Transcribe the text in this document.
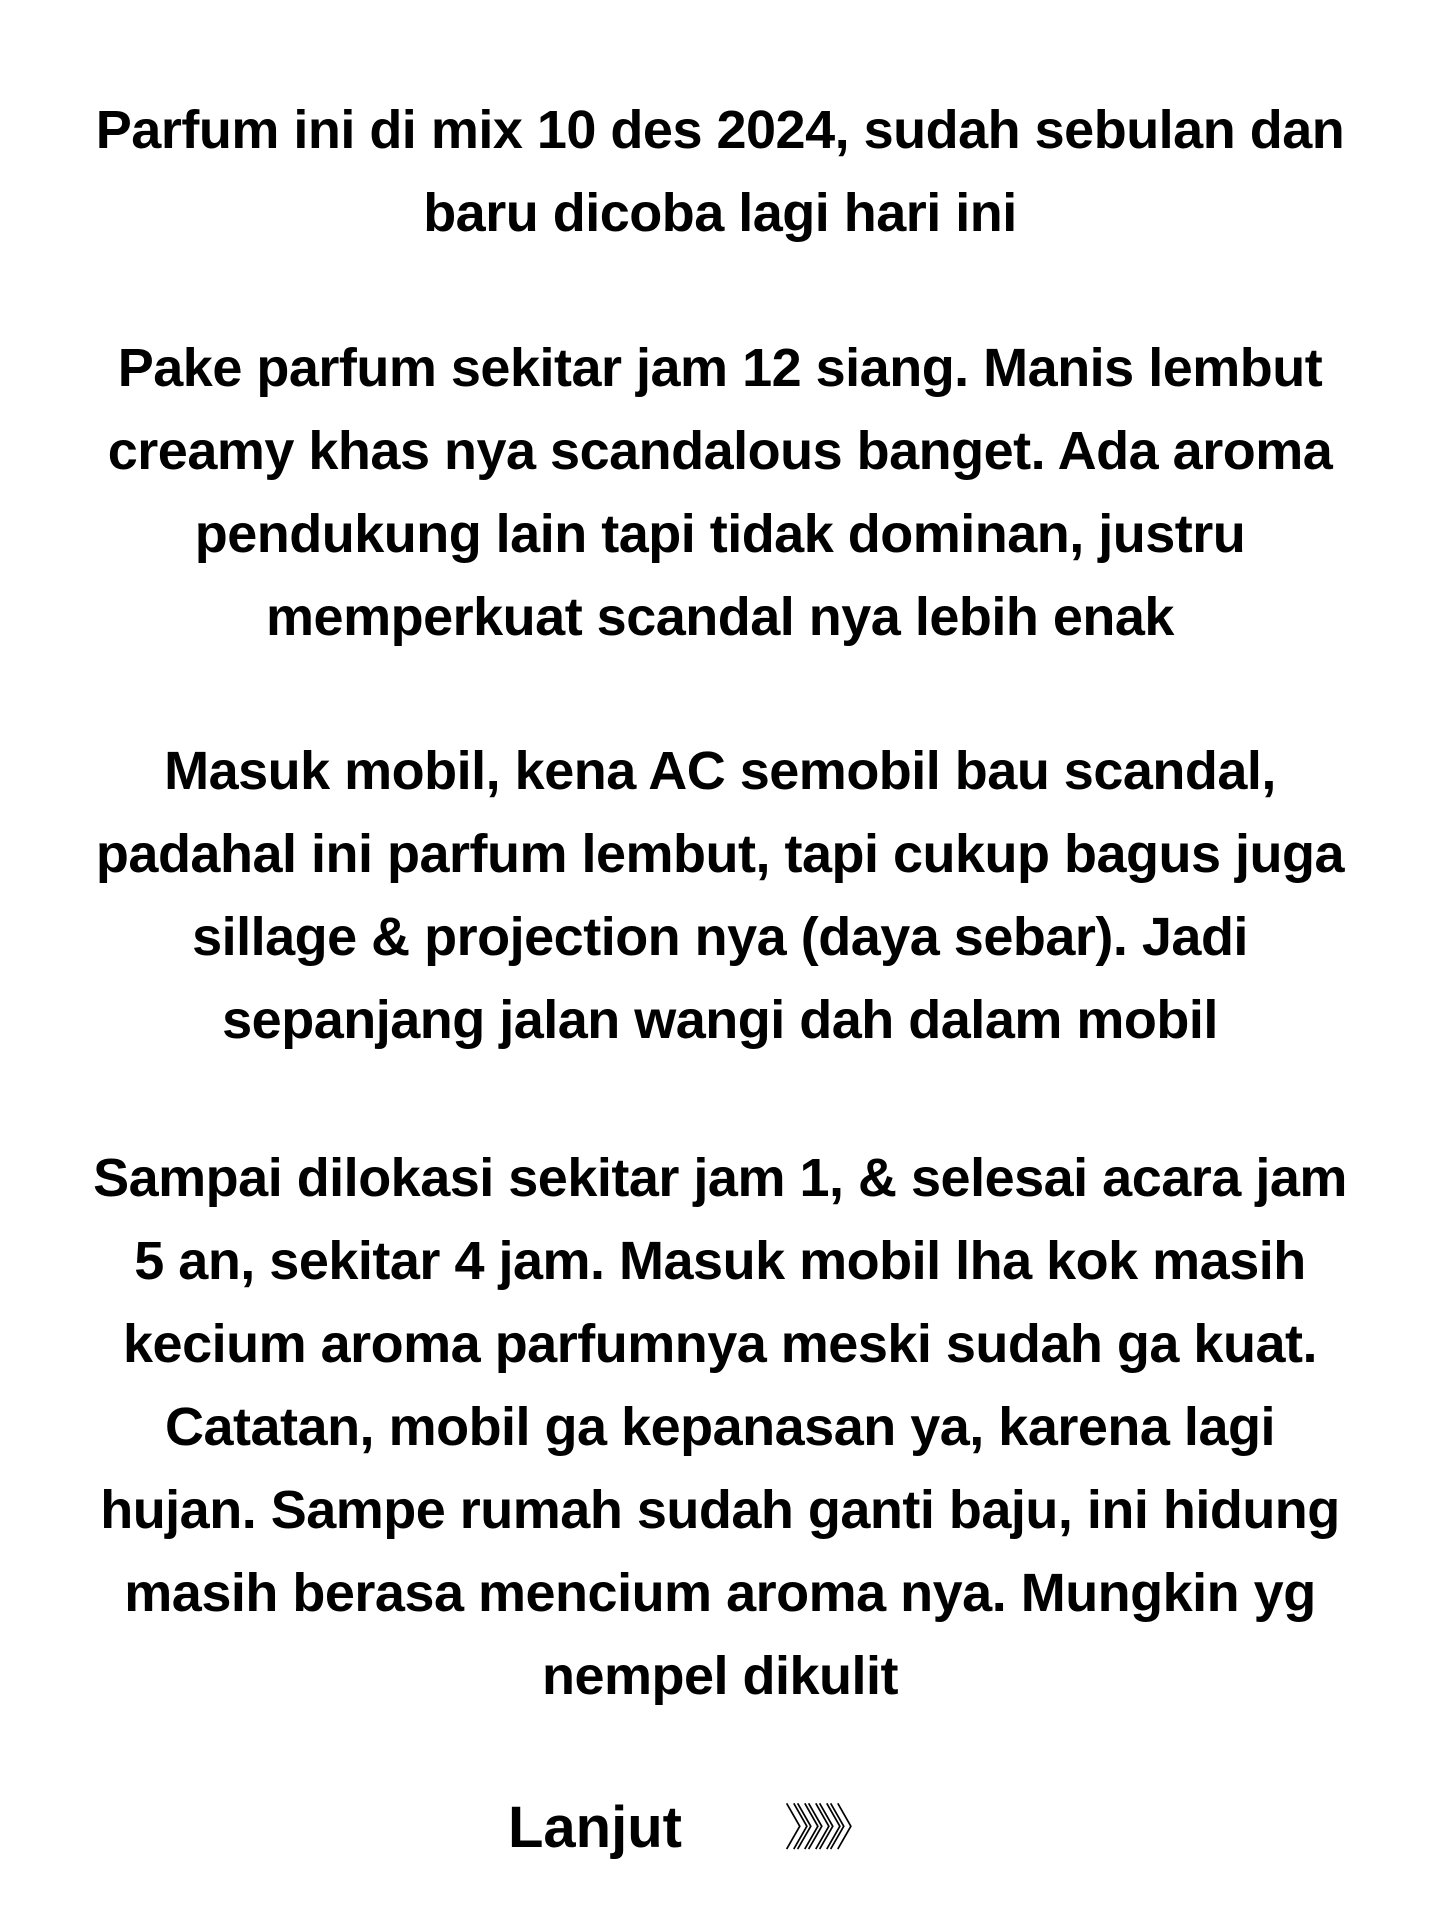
Parfum ini di mix 10 des 2024, sudah sebulan dan
baru dicoba lagi hari ini

Pake parfum sekitar jam 12 siang. Manis lembut
creamy khas nya scandalous banget. Ada aroma
pendukung lain tapi tidak dominan, justru
memperkuat scandal nya lebih enak

Masuk mobil, kena AC semobil bau scandal,
padahal ini parfum lembut, tapi cukup bagus juga
sillage & projection nya (daya sebar). Jadi
sepanjang jalan wangi dah dalam mobil

Sampai dilokasi sekitar jam 1, & selesai acara jam
5 an, sekitar 4 jam. Masuk mobil lha kok masih
kecium aroma parfumnya meski sudah ga kuat.
Catatan, mobil ga kepanasan ya, karena lagi
hujan. Sampe rumah sudah ganti baju, ini hidung
masih berasa mencium aroma nya. Mungkin yg
nempel dikulit

Lanjut 》》》》》
